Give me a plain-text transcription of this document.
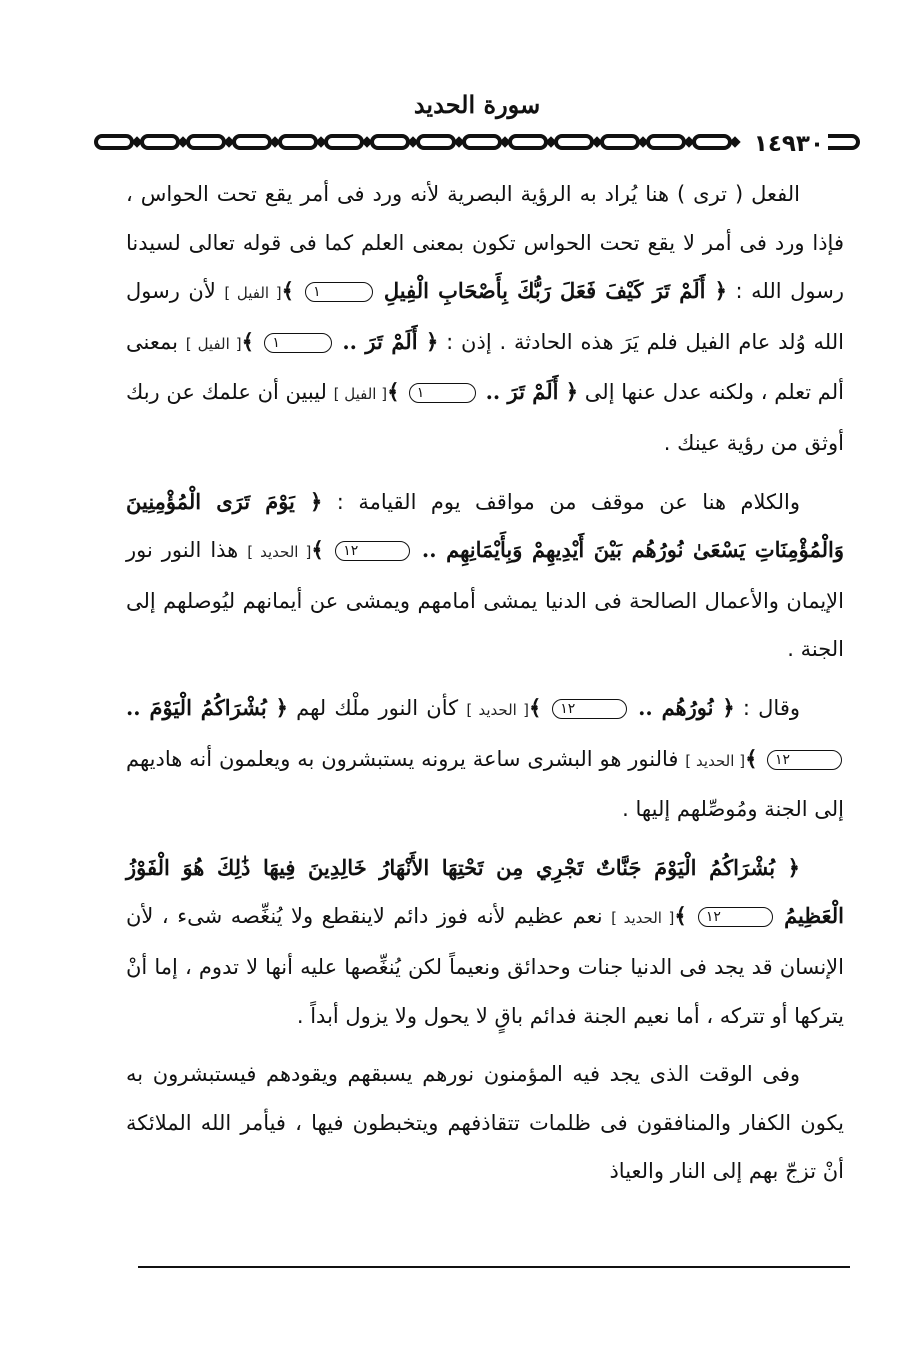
سورة الحديد
١٤٩٣٠

الفعل ( ترى ) هنا يُراد به الرؤية البصرية لأنه ورد فى أمر يقع تحت الحواس ، فإذا ورد فى أمر لا يقع تحت الحواس تكون بمعنى العلم كما فى قوله تعالى لسيدنا رسول الله : ﴿ أَلَمْ تَرَ كَيْفَ فَعَلَ رَبُّكَ بِأَصْحَابِ الْفِيلِ ١ ﴾[ الفيل ] لأن رسول الله وُلد عام الفيل فلم يَرَ هذه الحادثة . إذن : ﴿ أَلَمْ تَرَ .. ١ ﴾[ الفيل ] بمعنى ألم تعلم ، ولكنه عدل عنها إلى ﴿ أَلَمْ تَرَ .. ١ ﴾[ الفيل ] ليبين أن علمك عن ربك أوثق من رؤية عينك .

والكلام هنا عن موقف من مواقف يوم القيامة : ﴿ يَوْمَ تَرَى الْمُؤْمِنِينَ وَالْمُؤْمِنَاتِ يَسْعَىٰ نُورُهُم بَيْنَ أَيْدِيهِمْ وَبِأَيْمَانِهِم .. ١٢ ﴾[ الحديد ] هذا النور نور الإيمان والأعمال الصالحة فى الدنيا يمشى أمامهم ويمشى عن أيمانهم ليُوصلهم إلى الجنة .

وقال : ﴿ نُورُهُم .. ١٢ ﴾[ الحديد ] كأن النور ملْك لهم ﴿ بُشْرَاكُمُ الْيَوْمَ .. ١٢ ﴾[ الحديد ] فالنور هو البشرى ساعة يرونه يستبشرون به ويعلمون أنه هاديهم إلى الجنة ومُوصِّلهم إليها .

﴿ بُشْرَاكُمُ الْيَوْمَ جَنَّاتٌ تَجْرِي مِن تَحْتِهَا الأَنْهَارُ خَالِدِينَ فِيهَا ذَٰلِكَ هُوَ الْفَوْزُ الْعَظِيمُ ١٢ ﴾[ الحديد ] نعم عظيم لأنه فوز دائم لاينقطع ولا يُنغِّصه شىء ، لأن الإنسان قد يجد فى الدنيا جنات وحدائق ونعيماً لكن يُنغِّصها عليه أنها لا تدوم ، إما أنْ يتركها أو تتركه ، أما نعيم الجنة فدائم باقٍ لا يحول ولا يزول أبداً .

وفى الوقت الذى يجد فيه المؤمنون نورهم يسبقهم ويقودهم فيستبشرون به يكون الكفار والمنافقون فى ظلمات تتقاذفهم ويتخبطون فيها ، فيأمر الله الملائكة أنْ تزجّ بهم إلى النار والعياذ
